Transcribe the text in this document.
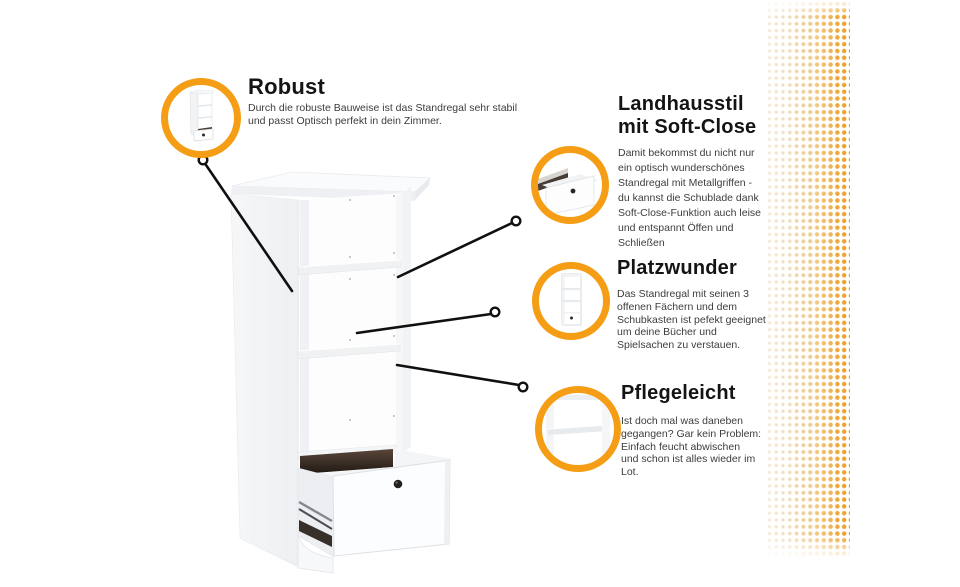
Robust
Durch die robuste Bauweise ist das Standregal sehr stabil
und passt Optisch perfekt in dein Zimmer.
Landhausstil
mit Soft-Close
Damit bekommst du nicht nur
ein optisch wunderschönes
Standregal mit Metallgriffen -
du kannst die Schublade dank
Soft-Close-Funktion auch leise
und entspannt Öffen und
Schließen
Platzwunder
Das Standregal mit seinen 3
offenen Fächern und dem
Schubkasten ist pefekt geeignet
um deine Bücher und
Spielsachen zu verstauen.
Pflegeleicht
Ist doch mal was daneben
gegangen? Gar kein Problem:
Einfach feucht abwischen
und schon ist alles wieder im
Lot.
